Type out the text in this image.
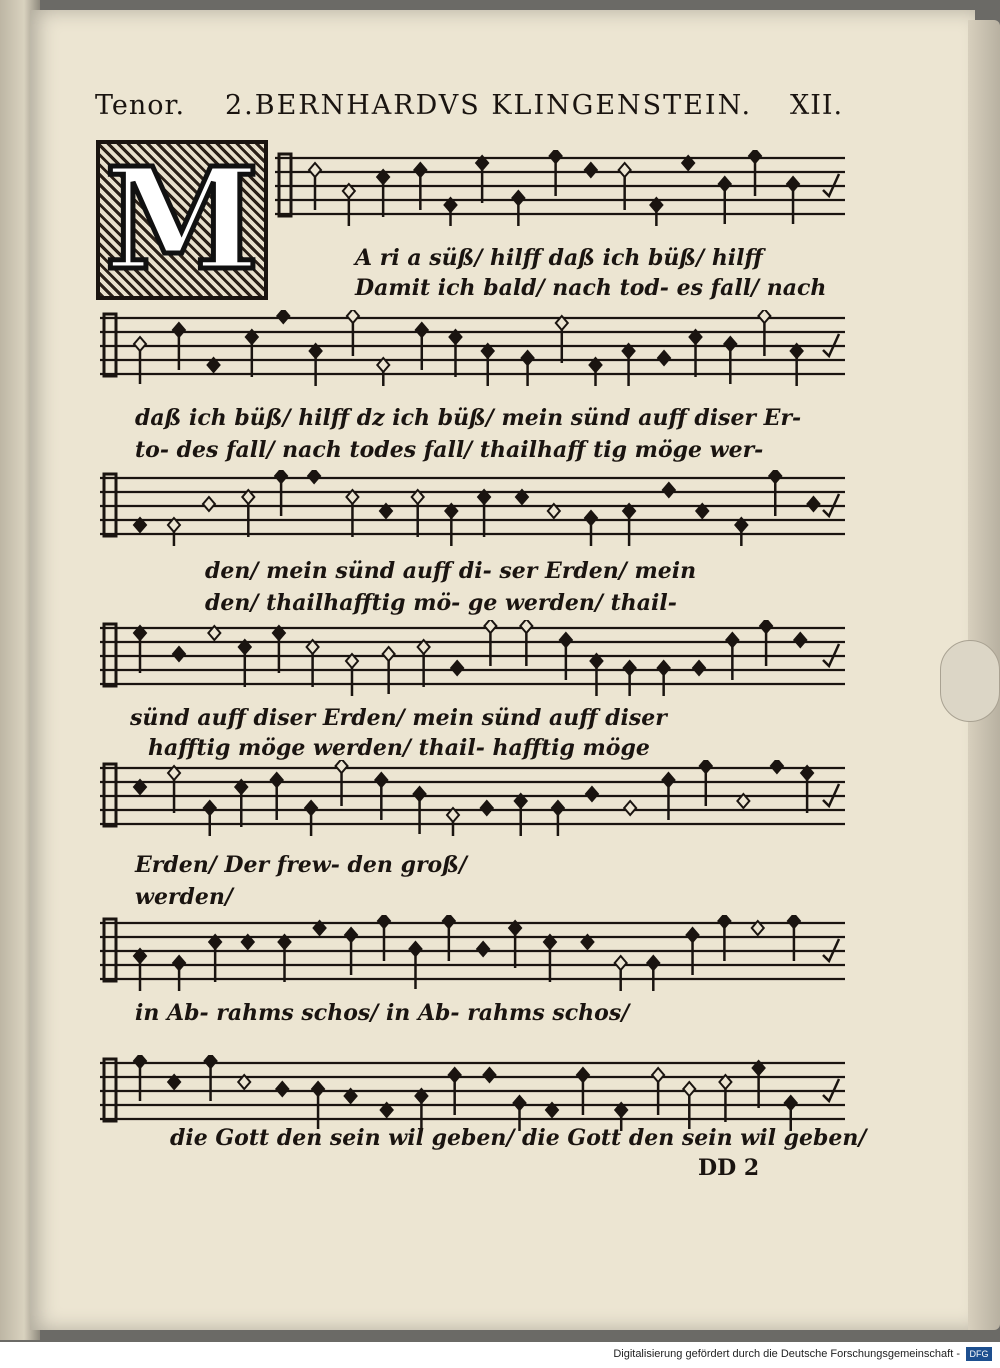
Tenor. 2.BERNHARDVS KLINGENSTEIN. XII.
M	A ri a süß/ hilff daß ich büß/ hilff
Damit ich bald/ nach tod- es fall/ nach
daß ich büß/ hilff dz ich büß/ mein sünd auff diser Er-
to- des fall/ nach todes fall/ thailhaff tig möge wer-
den/ mein sünd auff di- ser Erden/ mein
den/ thailhafftig mö- ge werden/ thail-
sünd auff diser Erden/ mein sünd auff diser
hafftig möge werden/ thail- hafftig möge
Erden/ Der frew- den groß/
werden/
in Ab- rahms schos/ in Ab- rahms schos/
die Gott den sein wil geben/ die Gott den sein wil geben/
DD 2
Digitalisierung gefördert durch die Deutsche Forschungsgemeinschaft -	DFG
